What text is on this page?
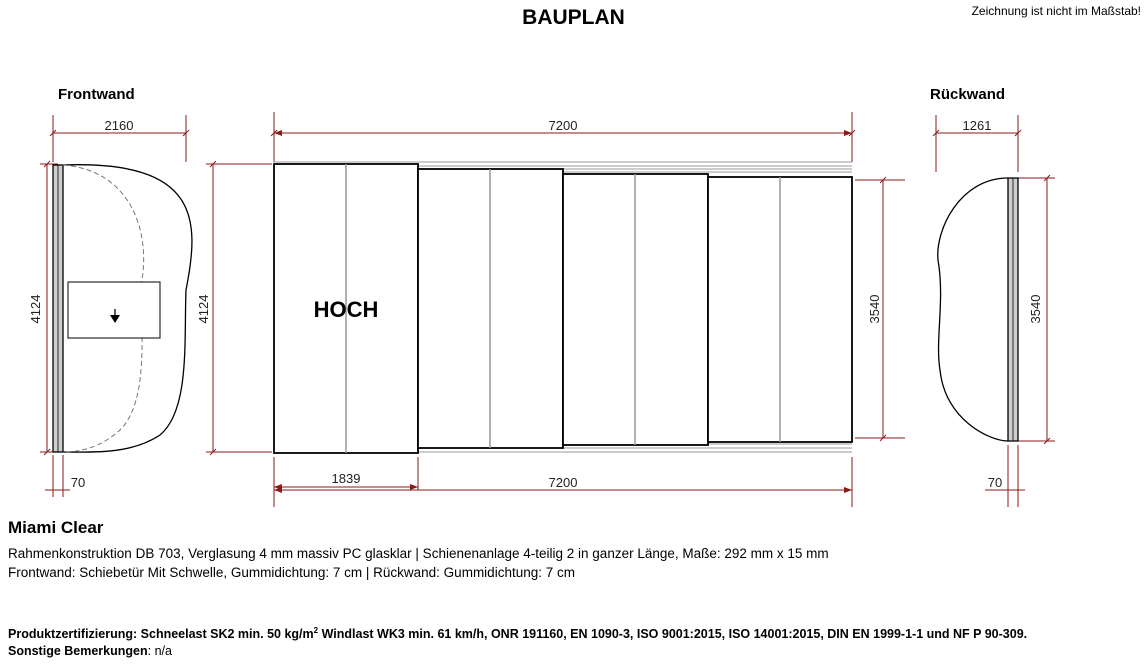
BAUPLAN	Zeichnung ist nicht im Maßstab!
Frontwand	Rückwand
2160
4124
70
7200
4124	3540
1839	7200
1261
3540
70
HOCH
Miami Clear
Rahmenkonstruktion DB 703, Verglasung 4 mm massiv PC glasklar | Schienenanlage 4-teilig 2 in ganzer Länge, Maße: 292 mm x 15 mm
Frontwand: Schiebetür Mit Schwelle, Gummidichtung: 7 cm | Rückwand: Gummidichtung: 7 cm
Produktzertifizierung: Schneelast SK2 min. 50 $kg/m^2$ Windlast WK3 min. 61 km/h, ONR 191160, EN 1090-3, ISO 9001:2015, ISO 14001:2015, DIN EN 1999-1-1 und NF P 90-309.
Sonstige Bemerkungen: n/a
